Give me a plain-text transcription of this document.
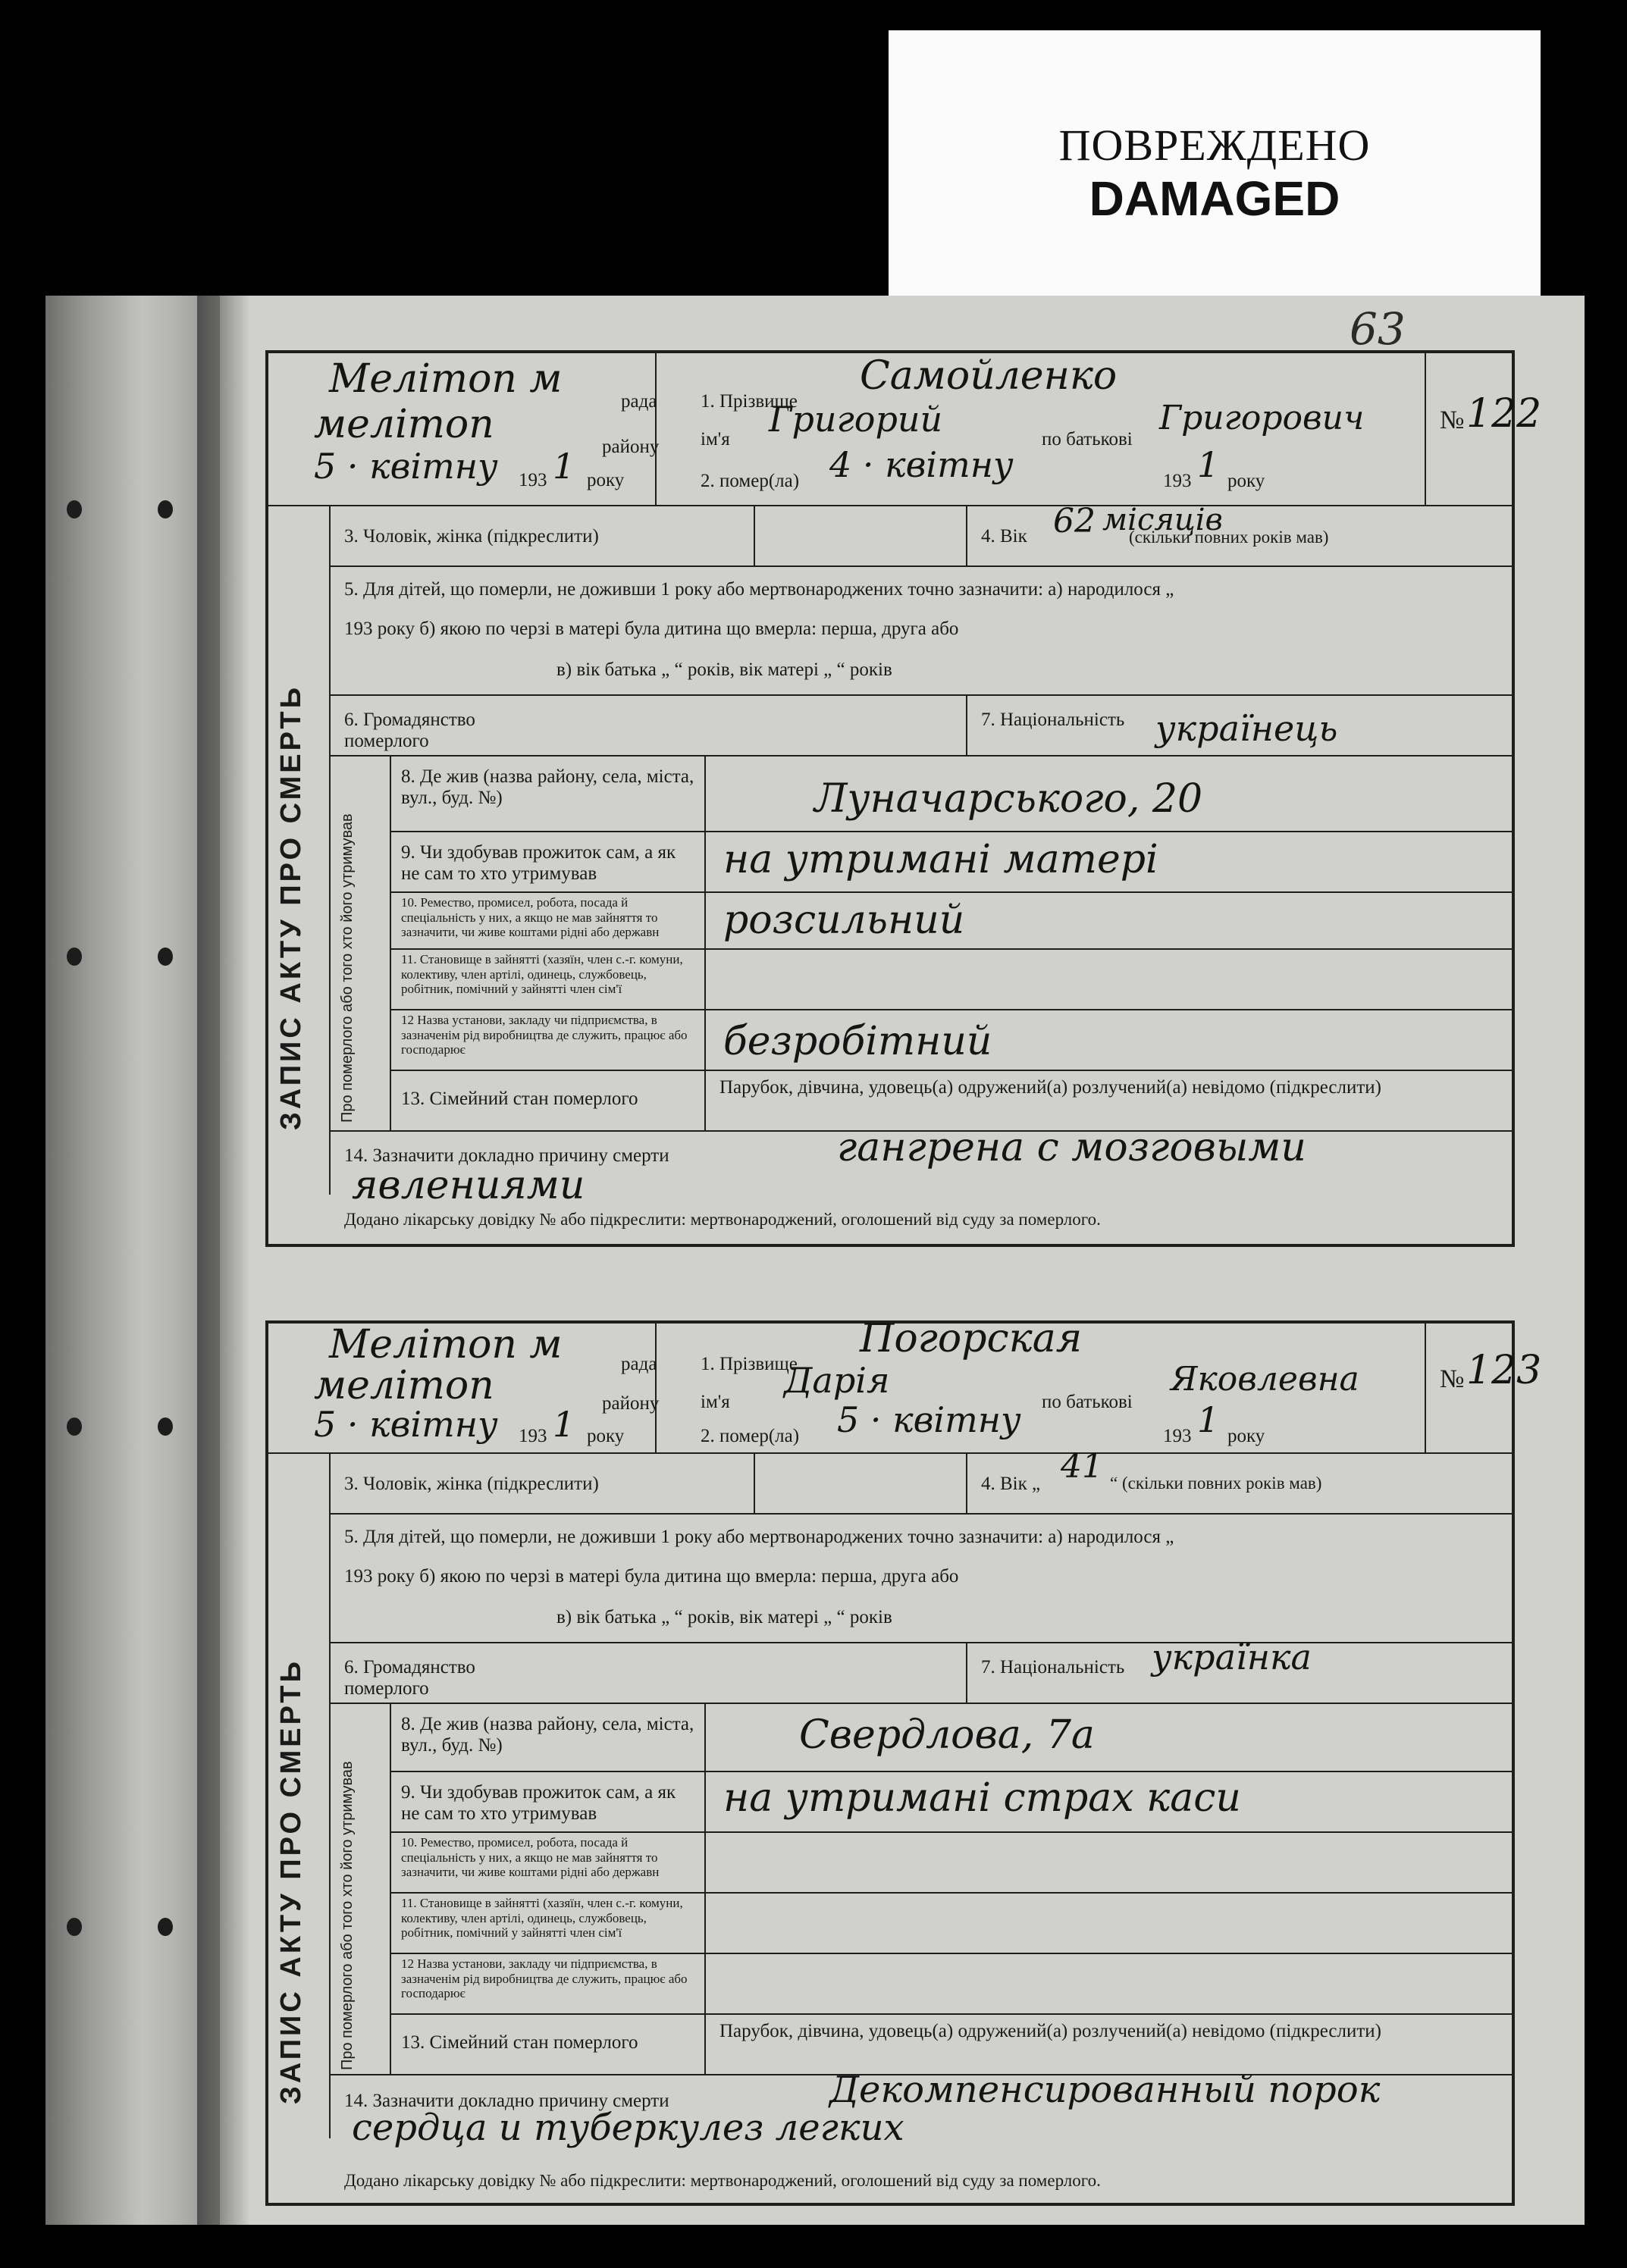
ПОВРЕЖДЕНО
DAMAGED
63
ЗАПИС АКТУ ПРО СМЕРТЬ Про померлого або того хто його утримував
Мелітоп м	рада
мелітоп	району
5 · квітну 193 1 року
1. Прізвище
Самойленко
ім'я Григорий	по батькові
Григорович	№ 122
2. помер(ла) 4 · квітну	193 1 року
3. Чоловік, жінка (підкреслити)	4. Вік 62 місяців
(скільки повних років мав)
5. Для дітей, що померли, не доживши 1 року або мертвонароджених точно зазначити: а) народилося „
193 року б) якою по черзі в матері була дитина що вмерла: перша, друга або
в) вік батька „ “ років, вік матері „ “ років
6. Громадянство померлого
7. Національність українець
8. Де жив (назва району, села, міста, вул., буд. №)	Луначарського, 20
9. Чи здобував прожиток сам, а як не сам то хто утримував	на утримані матері
10. Ремество, промисел, робота, посада й спеціальність у них, а якщо не мав зайняття то зазначити, чи живе коштами рідні або державн	розсильний
11. Становище в зайнятті (хазяїн, член с.-г. комуни, колективу, член артілі, одинець, службовець, робітник, помічний у зайнятті член сім'ї
12 Назва установи, закладу чи підприємства, в зазначенім рід виробництва де служить, працює або господарює	безробітний
13. Сімейний стан померлого
Парубок, дівчина, удовець(а) одружений(а) розлучений(а) невідомо (підкреслити)
14. Зазначити докладно причину смерти	гангрена с мозговыми
явлениями
Додано лікарську довідку № або підкреслити: мертвонароджений, оголошений від суду за померлого.
ЗАПИС АКТУ ПРО СМЕРТЬ Про померлого або того хто його утримував
Мелітоп м	рада
мелітоп	району
5 · квітну 193 1 року
1. Прізвище
Погорская
ім'я
Дарія
по батькові
Яковлевна	№ 123
2. помер(ла) 5 · квітну	193 1 року
3. Чоловік, жінка (підкреслити)	4. Вік „ 41 “ (скільки повних років мав)
5. Для дітей, що померли, не доживши 1 року або мертвонароджених точно зазначити: а) народилося „
193 року б) якою по черзі в матері була дитина що вмерла: перша, друга або
в) вік батька „ “ років, вік матері „ “ років
6. Громадянство померлого
7. Національність українка
8. Де жив (назва району, села, міста, вул., буд. №)	Свердлова, 7а
9. Чи здобував прожиток сам, а як не сам то хто утримував	на утримані страх каси
10. Ремество, промисел, робота, посада й спеціальність у них, а якщо не мав зайняття то зазначити, чи живе коштами рідні або державн
11. Становище в зайнятті (хазяїн, член с.-г. комуни, колективу, член артілі, одинець, службовець, робітник, помічний у зайнятті член сім'ї
12 Назва установи, закладу чи підприємства, в зазначенім рід виробництва де служить, працює або господарює
13. Сімейний стан померлого
Парубок, дівчина, удовець(а) одружений(а) розлучений(а) невідомо (підкреслити)
14. Зазначити докладно причину смерти	Декомпенсированный порок
сердца и туберкулез легких
Додано лікарську довідку № або підкреслити: мертвонароджений, оголошений від суду за померлого.
